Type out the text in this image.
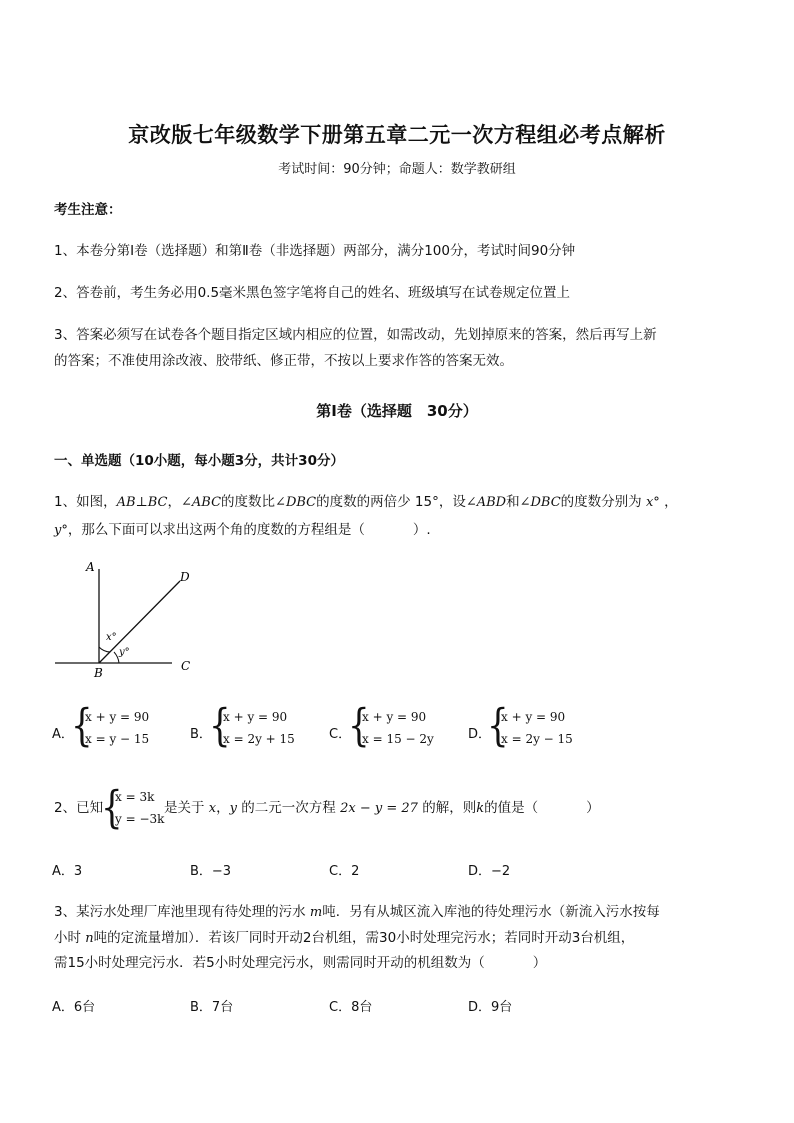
京改版七年级数学下册第五章二元一次方程组必考点解析
考试时间：90分钟；命题人：数学教研组
考生注意：
1、本卷分第Ⅰ卷（选择题）和第Ⅱ卷（非选择题）两部分，满分100分，考试时间90分钟
2、答卷前，考生务必用0.5毫米黑色签字笔将自己的姓名、班级填写在试卷规定位置上
3、答案必须写在试卷各个题目指定区域内相应的位置，如需改动，先划掉原来的答案，然后再写上新
的答案；不准使用涂改液、胶带纸、修正带，不按以上要求作答的答案无效。
第Ⅰ卷（选择题　30分）
一、单选题（10小题，每小题3分，共计30分）
1、如图，AB⊥BC，∠ABC的度数比∠DBC的度数的两倍少 15°，设∠ABD和∠DBC的度数分别为 x° ，
y°，那么下面可以求出这两个角的度数的方程组是（	）.
A
B	C
D
x°
y°
A．
{
x + y = 90
x = y − 15	B．
{
x + y = 90
x = 2y + 15	C．
{
x + y = 90
x = 15 − 2y	D．
{
x + y = 90
x = 2y − 15
2、已知
{
x = 3k
y = −3k
是关于 x，y 的二元一次方程 2x − y = 27 的解，则k的值是（	）
A．3	B．−3	C．2	D．−2
3、某污水处理厂库池里现有待处理的污水 m吨．另有从城区流入库池的待处理污水（新流入污水按每
小时 n吨的定流量增加）．若该厂同时开动2台机组，需30小时处理完污水；若同时开动3台机组，
需15小时处理完污水．若5小时处理完污水，则需同时开动的机组数为（	）
A．6台	B．7台	C．8台	D．9台
